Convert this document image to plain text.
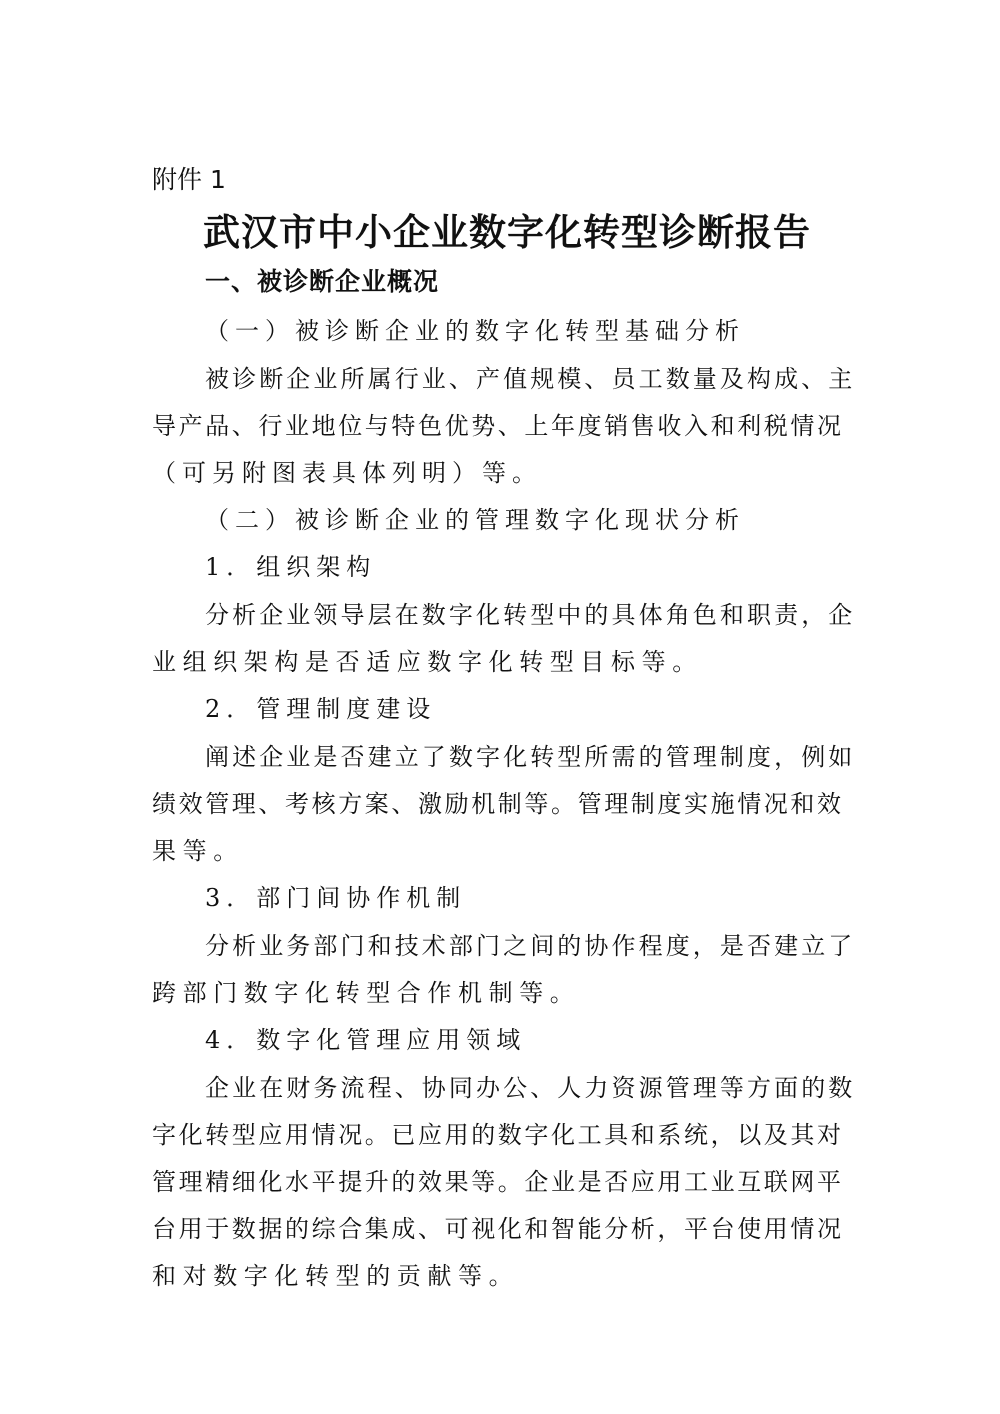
附件 1
武汉市中小企业数字化转型诊断报告
一、被诊断企业概况
（一）被诊断企业的数字化转型基础分析
被诊断企业所属行业、产值规模、员工数量及构成、主
导产品、行业地位与特色优势、上年度销售收入和利税情况
（可另附图表具体列明）等。
（二）被诊断企业的管理数字化现状分析
1．组织架构
分析企业领导层在数字化转型中的具体角色和职责，企
业组织架构是否适应数字化转型目标等。
2．管理制度建设
阐述企业是否建立了数字化转型所需的管理制度，例如
绩效管理、考核方案、激励机制等。管理制度实施情况和效
果等。
3．部门间协作机制
分析业务部门和技术部门之间的协作程度，是否建立了
跨部门数字化转型合作机制等。
4．数字化管理应用领域
企业在财务流程、协同办公、人力资源管理等方面的数
字化转型应用情况。已应用的数字化工具和系统，以及其对
管理精细化水平提升的效果等。企业是否应用工业互联网平
台用于数据的综合集成、可视化和智能分析，平台使用情况
和对数字化转型的贡献等。
